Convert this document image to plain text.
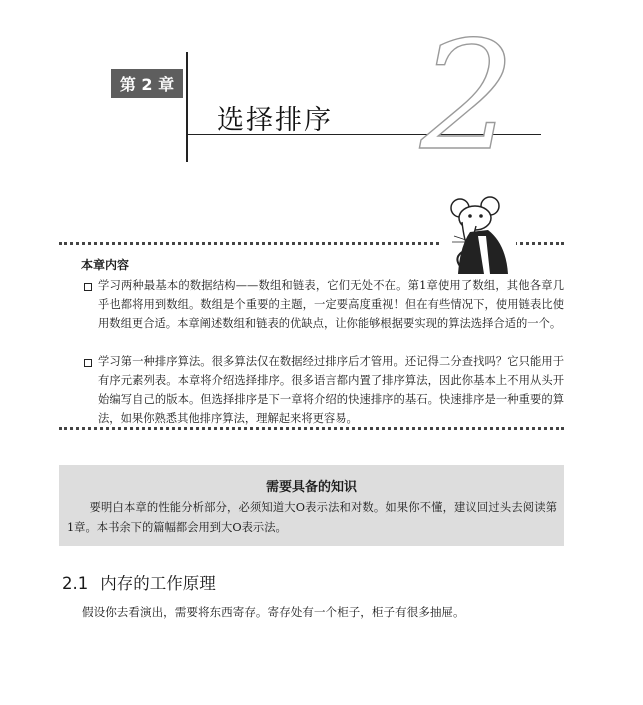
第 2 章
选择排序 2
本章内容
学习两种最基本的数据结构——数组和链表，它们无处不在。第1章使用了数组，其他各章几乎也都将用到数组。数组是个重要的主题，一定要高度重视！但在有些情况下，使用链表比使用数组更合适。本章阐述数组和链表的优缺点，让你能够根据要实现的算法选择合适的一个。
学习第一种排序算法。很多算法仅在数据经过排序后才管用。还记得二分查找吗？它只能用于有序元素列表。本章将介绍选择排序。很多语言都内置了排序算法，因此你基本上不用从头开始编写自己的版本。但选择排序是下一章将介绍的快速排序的基石。快速排序是一种重要的算法，如果你熟悉其他排序算法，理解起来将更容易。
需要具备的知识
要明白本章的性能分析部分，必须知道大O表示法和对数。如果你不懂，建议回过头去阅读第1章。本书余下的篇幅都会用到大O表示法。
2.1 内存的工作原理
假设你去看演出，需要将东西寄存。寄存处有一个柜子，柜子有很多抽屉。
